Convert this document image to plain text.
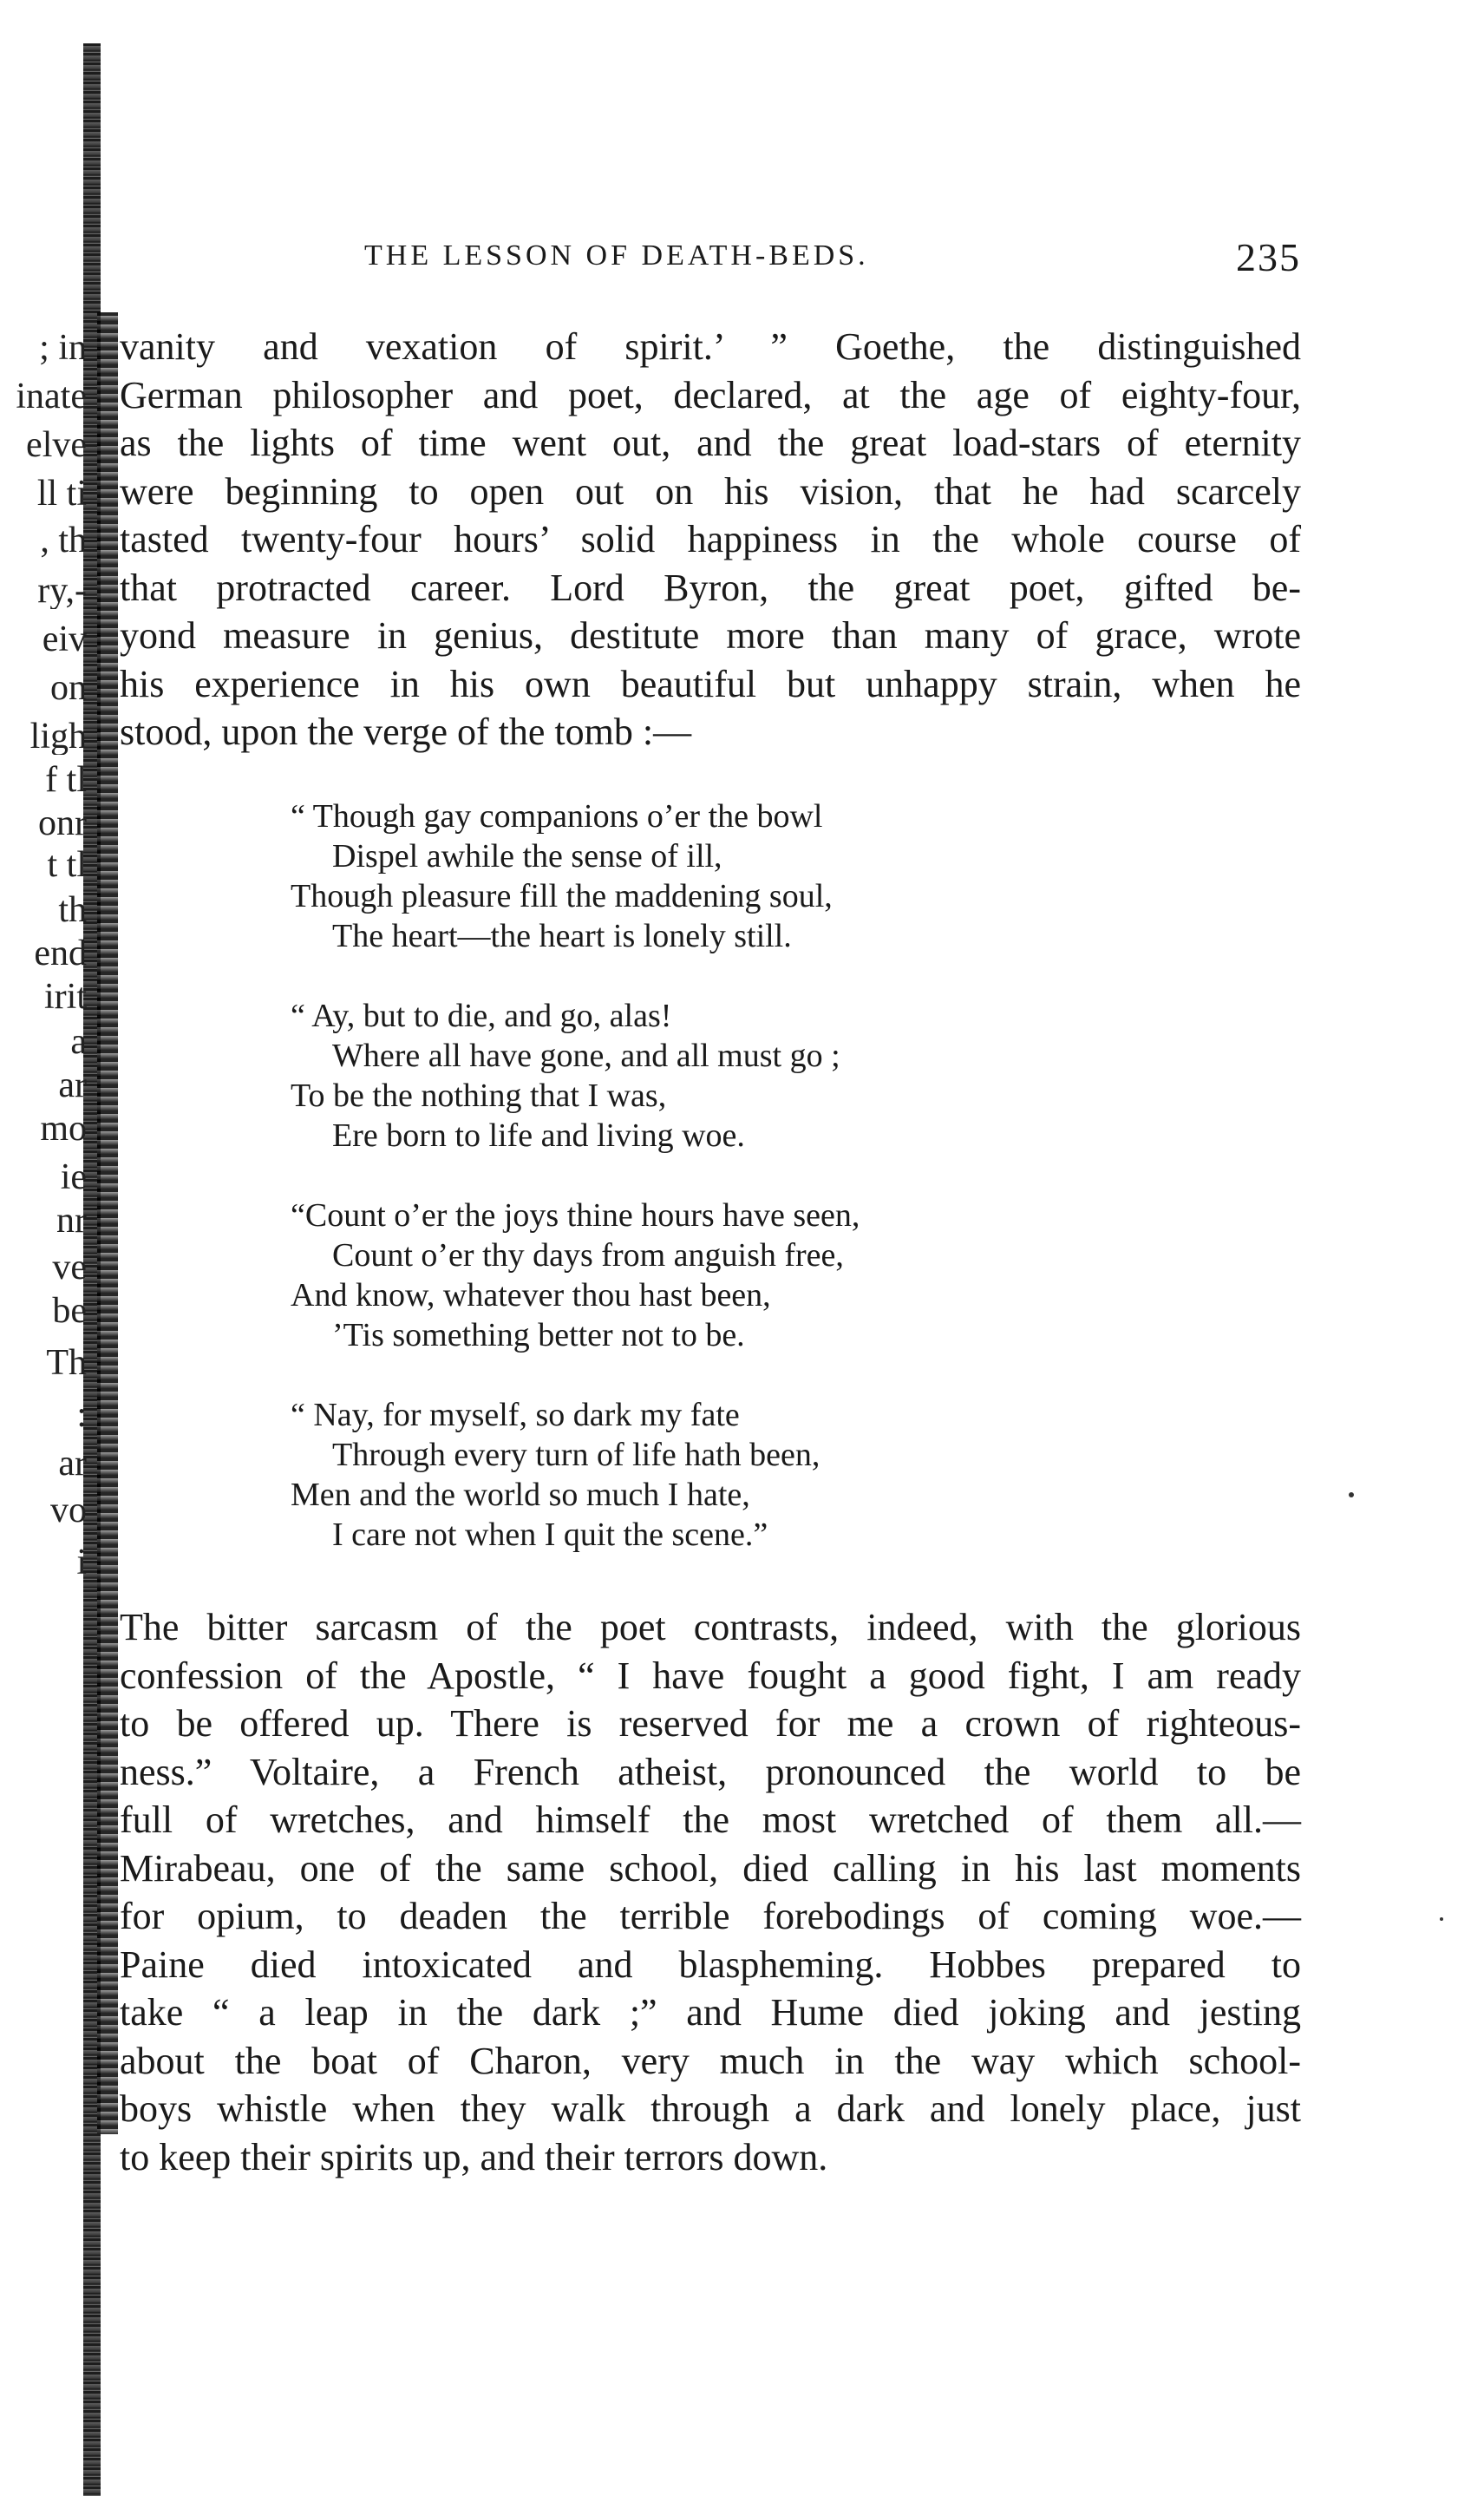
; in
inate
elve
ll ti
, th
ry,-
eiv
on
ligh
f tl
onr
t tl
th
end
irit
a
ar
mo
ie
nr
ve
be
Th
:
ar
vo
i
THE LESSON OF DEATH-BEDS.	235
vanity and vexation of spirit.’ ” Goethe, the distinguished
German philosopher and poet, declared, at the age of eighty-four,
as the lights of time went out, and the great load-stars of eternity
were beginning to open out on his vision, that he had scarcely
tasted twenty-four hours’ solid happiness in the whole course of
that protracted career. Lord Byron, the great poet, gifted be-
yond measure in genius, destitute more than many of grace, wrote
his experience in his own beautiful but unhappy strain, when he
stood, upon the verge of the tomb :—
“ Though gay companions o’er the bowl
Dispel awhile the sense of ill,
Though pleasure fill the maddening soul,
The heart—the heart is lonely still.
“ Ay, but to die, and go, alas!
Where all have gone, and all must go ;
To be the nothing that I was,
Ere born to life and living woe.
“Count o’er the joys thine hours have seen,
Count o’er thy days from anguish free,
And know, whatever thou hast been,
’Tis something better not to be.
“ Nay, for myself, so dark my fate
Through every turn of life hath been,
Men and the world so much I hate,
I care not when I quit the scene.”
The bitter sarcasm of the poet contrasts, indeed, with the glorious
confession of the Apostle, “ I have fought a good fight, I am ready
to be offered up. There is reserved for me a crown of righteous-
ness.” Voltaire, a French atheist, pronounced the world to be
full of wretches, and himself the most wretched of them all.—
Mirabeau, one of the same school, died calling in his last moments
for opium, to deaden the terrible forebodings of coming woe.—
Paine died intoxicated and blaspheming. Hobbes prepared to
take “ a leap in the dark ;” and Hume died joking and jesting
about the boat of Charon, very much in the way which school-
boys whistle when they walk through a dark and lonely place, just
to keep their spirits up, and their terrors down.
